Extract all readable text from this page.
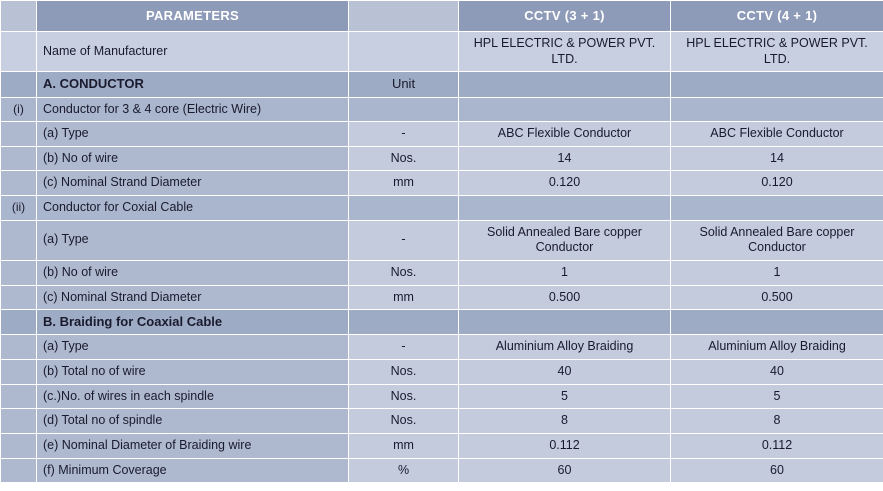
	PARAMETERS		CCTV (3 + 1)	CCTV (4 + 1)
	Name of Manufacturer		HPL ELECTRIC & POWER PVT. LTD.	HPL ELECTRIC & POWER PVT. LTD.
	A. CONDUCTOR	Unit		
(i)	Conductor for 3 & 4 core (Electric Wire)			
	(a) Type	-	ABC Flexible Conductor	ABC Flexible Conductor
	(b) No of wire	Nos.	14	14
	(c) Nominal Strand Diameter	mm	0.120	0.120
(ii)	Conductor for Coxial Cable			
	(a) Type	-	Solid Annealed Bare copper Conductor	Solid Annealed Bare copper Conductor
	(b) No of wire	Nos.	1	1
	(c) Nominal Strand Diameter	mm	0.500	0.500
	B. Braiding for Coaxial Cable			
	(a) Type	-	Aluminium Alloy Braiding	Aluminium Alloy Braiding
	(b) Total no of wire	Nos.	40	40
	(c.)No. of wires in each spindle	Nos.	5	5
	(d) Total no of spindle	Nos.	8	8
	(e) Nominal Diameter of Braiding wire	mm	0.112	0.112
	(f) Minimum Coverage	%	60	60
